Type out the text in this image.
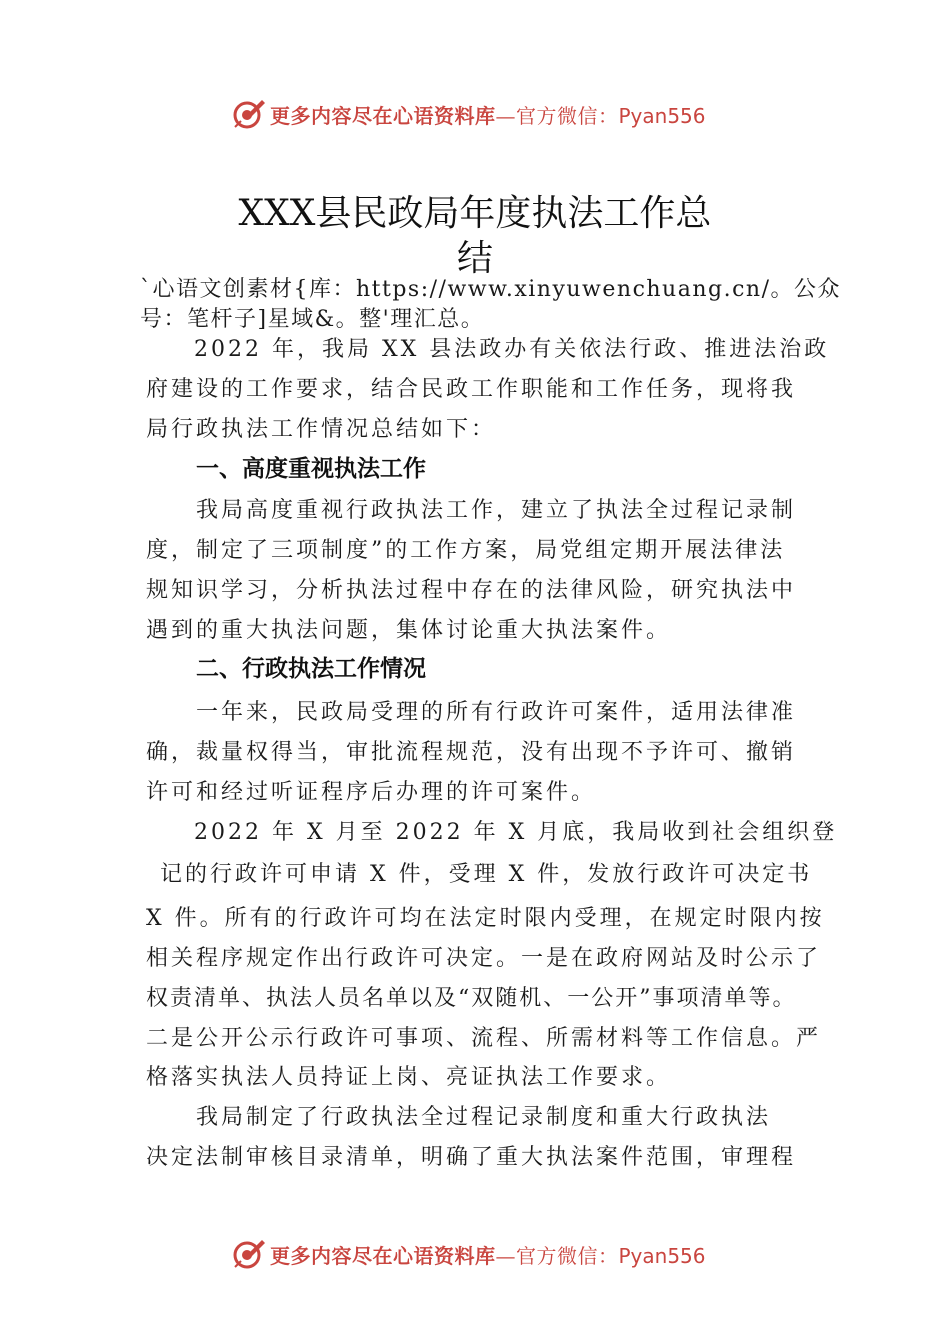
更多内容尽在心语资料库—官方微信：Pyan556
XXX县民政局年度执法工作总
结
`心语文创素材{库：https://www.xinyuwenchuang.cn/。公众
号：笔杆子]星域&。整'理汇总。
2022 年，我局 XX 县法政办有关依法行政、推进法治政
府建设的工作要求，结合民政工作职能和工作任务，现将我
局行政执法工作情况总结如下：
一、高度重视执法工作
我局高度重视行政执法工作，建立了执法全过程记录制
度，制定了三项制度”的工作方案，局党组定期开展法律法
规知识学习，分析执法过程中存在的法律风险，研究执法中
遇到的重大执法问题，集体讨论重大执法案件。
二、行政执法工作情况
一年来，民政局受理的所有行政许可案件，适用法律准
确，裁量权得当，审批流程规范，没有出现不予许可、撤销
许可和经过听证程序后办理的许可案件。
2022 年 X 月至 2022 年 X 月底，我局收到社会组织登
记的行政许可申请 X 件，受理 X 件，发放行政许可决定书
X 件。所有的行政许可均在法定时限内受理，在规定时限内按
相关程序规定作出行政许可决定。一是在政府网站及时公示了
权责清单、执法人员名单以及“双随机、一公开”事项清单等。
二是公开公示行政许可事项、流程、所需材料等工作信息。严
格落实执法人员持证上岗、亮证执法工作要求。
我局制定了行政执法全过程记录制度和重大行政执法
决定法制审核目录清单，明确了重大执法案件范围，审理程
更多内容尽在心语资料库—官方微信：Pyan556
